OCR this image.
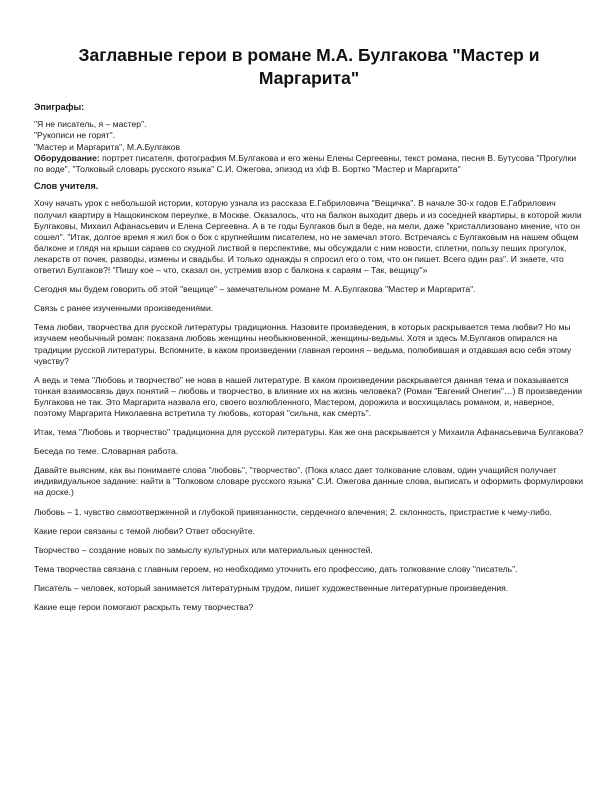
Заглавные герои в романе М.А. Булгакова "Мастер и Маргарита"
Эпиграфы:
"Я не писатель, я – мастер".
"Рукописи не горят".
"Мастер и Маргарита", М.А.Булгаков
Оборудование: портрет писателя, фотография М.Булгакова и его жены Елены Сергеевны, текст романа, песня В. Бутусова "Прогулки по воде", "Толковый словарь русского языка" С.И. Ожегова, эпизод из х\ф В. Бортко "Мастер и Маргарита"
Слов учителя.

Хочу начать урок с небольшой истории, которую узнала из рассказа Е.Габриловича "Вещичка". В начале 30-х годов Е.Габрилович получил квартиру в Нащокинском переулке, в Москве. Оказалось, что на балкон выходит дверь и из соседней квартиры, в которой жили Булгаковы, Михаил Афанасьевич и Елена Сергеевна. А в те годы Булгаков был в беде, на мели, даже "кристаллизовано мнение, что он сошел". "Итак, долгое время я жил бок о бок с крупнейшим писателем, но не замечал этого. Встречаясь с Булгаковым на нашем общем балконе и глядя на крыши сараев со скудной листвой в перспективе, мы обсуждали с ним новости, сплетни, пользу пеших прогулок, лекарств от почек, разводы, измены и свадьбы. И только однажды я спросил его о том, что он пишет. Всего один раз". И знаете, что ответил Булгаков?! "Пишу кое – что, сказал он, устремив взор с балкона к сараям – Так, вещицу"»

Сегодня мы будем говорить об этой "вещице" – замечательном романе М. А.Булгакова "Мастер и Маргарита".

Связь с ранее изученными произведениями.

Тема любви, творчества для русской литературы традиционна. Назовите произведения, в которых раскрывается тема любви? Но мы изучаем необычный роман: показана любовь женщины необыкновенной, женщины-ведьмы. Хотя и здесь М.Булгаков опирался на традиции русской литературы. Вспомните, в каком произведении главная героиня – ведьма, полюбившая и отдавшая всю себя этому чувству?

А ведь и тема "Любовь и творчество" не нова в нашей литературе. В каком произведении раскрывается данная тема и показывается тонкая взаимосвязь двух понятий – любовь и творчество, в влияние их на жизнь человека? (Роман "Евгений Онегин"…) В произведении Булгакова не так. Это Маргарита назвала его, своего возлюбленного, Мастером, дорожила и восхищалась романом, и, наверное, поэтому Маргарита Николаевна встретила ту любовь, которая "сильна, как смерть".

Итак, тема "Любовь и творчество" традиционна для русской литературы. Как же она раскрывается у Михаила Афанасьевича Булгакова?

Беседа по теме. Словарная работа.

Давайте выясним, как вы понимаете слова "любовь", "творчество". (Пока класс дает толкование словам, один учащийся получает индивидуальное задание: найти в "Толковом словаре русского языка" С.И. Ожегова данные слова, выписать и оформить формулировки на доске.)

Любовь – 1. чувство самоотверженной и глубокой привязанности, сердечного влечения; 2. склонность, пристрастие к чему-либо.

Какие герои связаны с темой любви? Ответ обоснуйте.

Творчество – создание новых по замыслу культурных или материальных ценностей.

Тема творчества связана с главным героем, но необходимо уточнить его профессию, дать толкование слову "писатель".

Писатель – человек, который занимается литературным трудом, пишет художественные литературные произведения.

Какие еще герои помогают раскрыть тему творчества?
